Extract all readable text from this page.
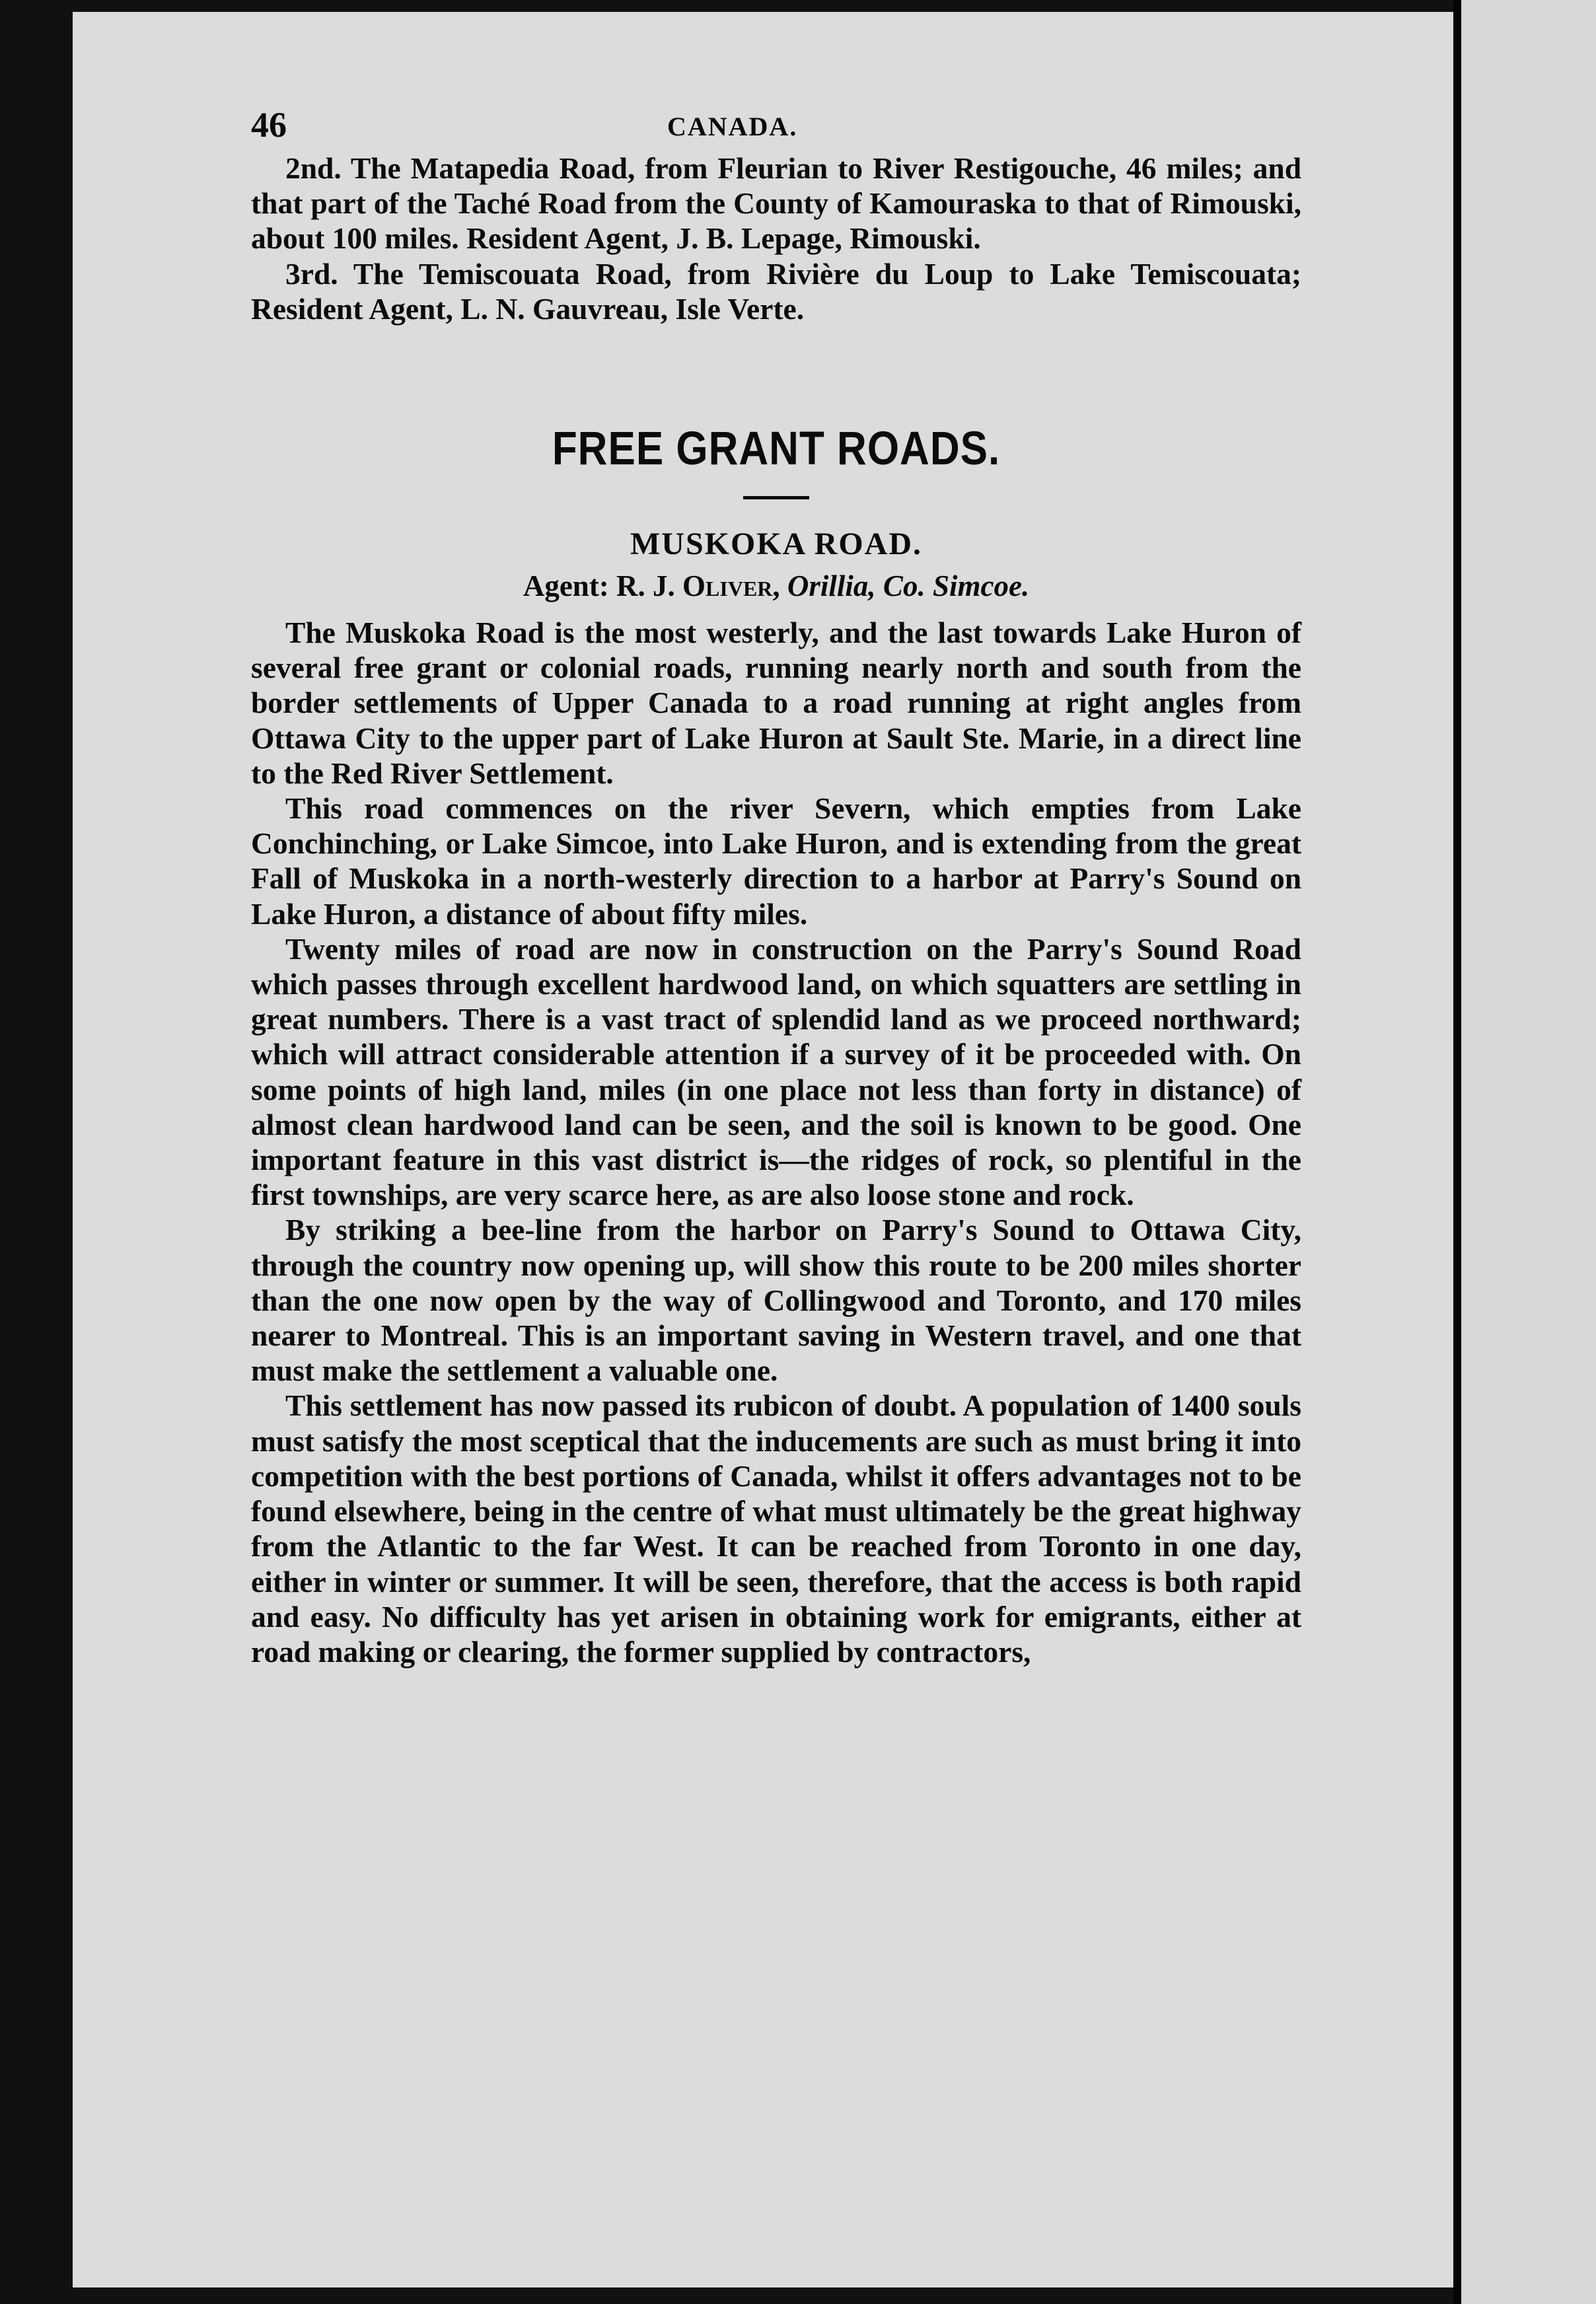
46	CANADA.

2nd. The Matapedia Road, from Fleurian to River Restigouche, 46 miles; and that part of the Taché Road from the County of Kamouraska to that of Rimouski, about 100 miles. Resident Agent, J. B. Lepage, Rimouski.

3rd. The Temiscouata Road, from Rivière du Loup to Lake Temiscouata; Resident Agent, L. N. Gauvreau, Isle Verte.

FREE GRANT ROADS.
MUSKOKA ROAD.
Agent: R. J. Oliver, Orillia, Co. Simcoe.

The Muskoka Road is the most westerly, and the last towards Lake Huron of several free grant or colonial roads, running nearly north and south from the border settlements of Upper Canada to a road running at right angles from Ottawa City to the upper part of Lake Huron at Sault Ste. Marie, in a direct line to the Red River Settlement.

This road commences on the river Severn, which empties from Lake Conchinching, or Lake Simcoe, into Lake Huron, and is extending from the great Fall of Muskoka in a north-westerly direction to a harbor at Parry's Sound on Lake Huron, a distance of about fifty miles.

Twenty miles of road are now in construction on the Parry's Sound Road which passes through excellent hardwood land, on which squatters are settling in great numbers. There is a vast tract of splendid land as we proceed northward; which will attract considerable attention if a survey of it be proceeded with. On some points of high land, miles (in one place not less than forty in distance) of almost clean hardwood land can be seen, and the soil is known to be good. One important feature in this vast district is—the ridges of rock, so plentiful in the first townships, are very scarce here, as are also loose stone and rock.

By striking a bee-line from the harbor on Parry's Sound to Ottawa City, through the country now opening up, will show this route to be 200 miles shorter than the one now open by the way of Collingwood and Toronto, and 170 miles nearer to Montreal. This is an important saving in Western travel, and one that must make the settlement a valuable one.

This settlement has now passed its rubicon of doubt. A population of 1400 souls must satisfy the most sceptical that the inducements are such as must bring it into competition with the best portions of Canada, whilst it offers advantages not to be found elsewhere, being in the centre of what must ultimately be the great highway from the Atlantic to the far West. It can be reached from Toronto in one day, either in winter or summer. It will be seen, therefore, that the access is both rapid and easy. No difficulty has yet arisen in obtaining work for emigrants, either at road making or clearing, the former supplied by contractors,
